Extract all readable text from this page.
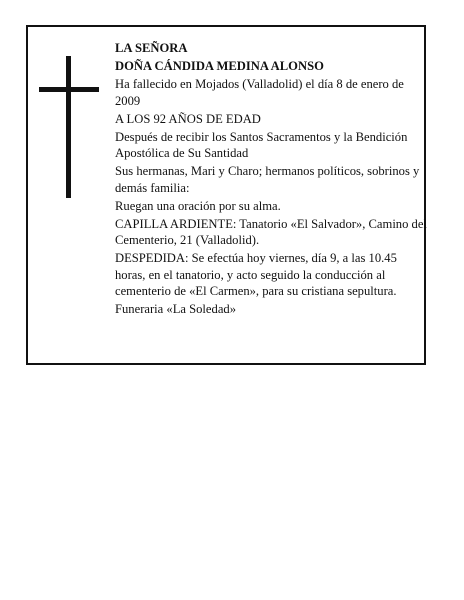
LA SEÑORA
DOÑA CÁNDIDA MEDINA ALONSO
Ha fallecido en Mojados (Valladolid) el día 8 de enero de 2009
A LOS 92 AÑOS DE EDAD
Después de recibir los Santos Sacramentos y la Bendición Apostólica de Su Santidad
Sus hermanas, Mari y Charo; hermanos políticos, sobrinos y demás familia:
Ruegan una oración por su alma.
CAPILLA ARDIENTE: Tanatorio «El Salvador», Camino del Cementerio, 21 (Valladolid).
DESPEDIDA: Se efectúa hoy viernes, día 9, a las 10.45 horas, en el tanatorio, y acto seguido la conducción al cementerio de «El Carmen», para su cristiana sepultura.
Funeraria «La Soledad»
